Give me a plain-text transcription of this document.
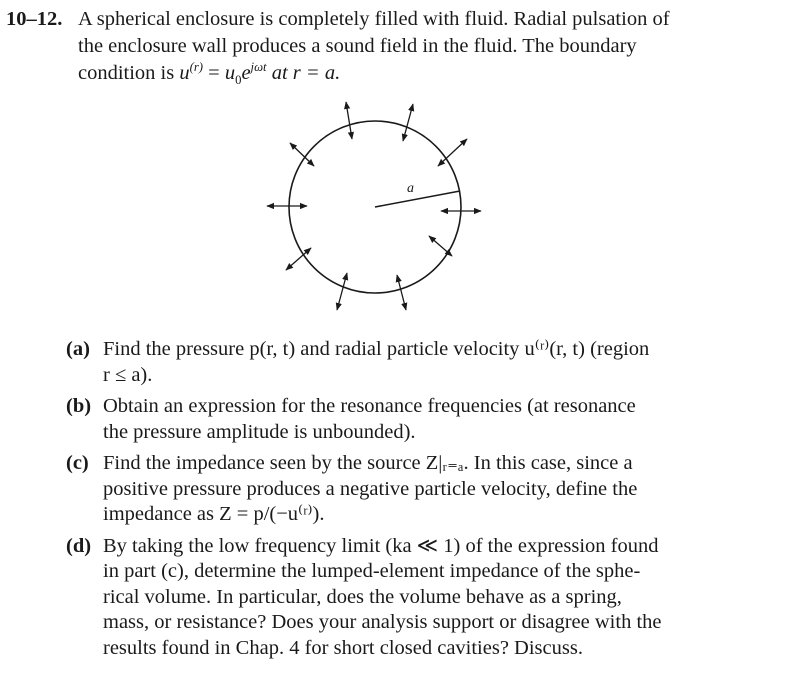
10–12. A spherical enclosure is completely filled with fluid. Radial pulsation of
the enclosure wall produces a sound field in the fluid. The boundary
condition is $u^{(r)} = u_0e^{j\omega t}$ at r = a.
a
(a) Find the pressure p(r, t) and radial particle velocity u⁽ʳ⁾(r, t) (region
r ≤ a).
(b) Obtain an expression for the resonance frequencies (at resonance
the pressure amplitude is unbounded).
(c) Find the impedance seen by the source Z|ᵣ₌ₐ. In this case, since a
positive pressure produces a negative particle velocity, define the
impedance as Z = p/(−u⁽ʳ⁾).
(d) By taking the low frequency limit (ka ≪ 1) of the expression found
in part (c), determine the lumped-element impedance of the sphe-
rical volume. In particular, does the volume behave as a spring,
mass, or resistance? Does your analysis support or disagree with the
results found in Chap. 4 for short closed cavities? Discuss.
